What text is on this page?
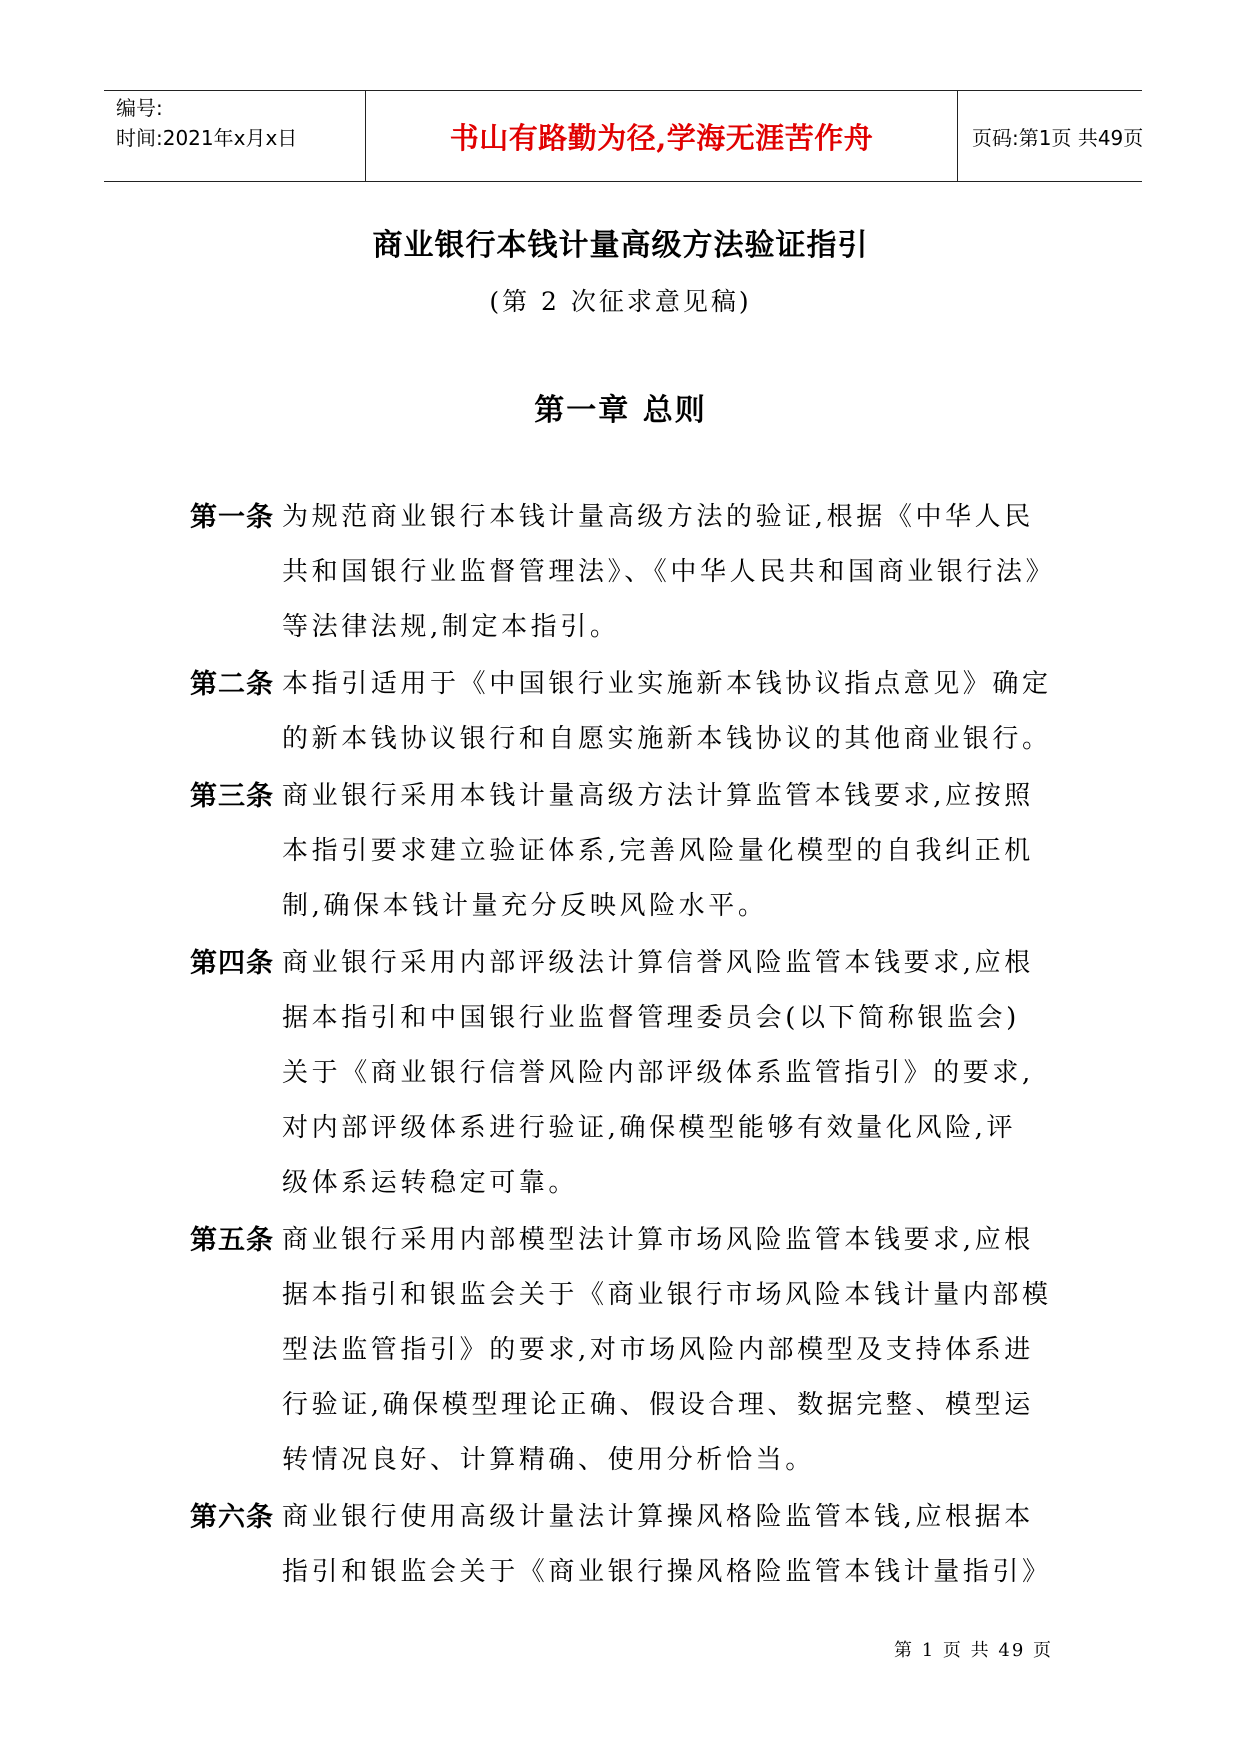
编号:
时间:2021年x月x日	书山有路勤为径,学海无涯苦作舟	页码:第1页 共49页
商业银行本钱计量高级方法验证指引
(第 2 次征求意见稿)
第一章 总则
第一条 为规范商业银行本钱计量高级方法的验证,根据《中华人民
共和国银行业监督管理法》、《中华人民共和国商业银行法》
等法律法规,制定本指引。
第二条 本指引适用于《中国银行业实施新本钱协议指点意见》确定
的新本钱协议银行和自愿实施新本钱协议的其他商业银行。
第三条 商业银行采用本钱计量高级方法计算监管本钱要求,应按照
本指引要求建立验证体系,完善风险量化模型的自我纠正机
制,确保本钱计量充分反映风险水平。
第四条 商业银行采用内部评级法计算信誉风险监管本钱要求,应根
据本指引和中国银行业监督管理委员会(以下简称银监会)
关于《商业银行信誉风险内部评级体系监管指引》的要求,
对内部评级体系进行验证,确保模型能够有效量化风险,评
级体系运转稳定可靠。
第五条 商业银行采用内部模型法计算市场风险监管本钱要求,应根
据本指引和银监会关于《商业银行市场风险本钱计量内部模
型法监管指引》的要求,对市场风险内部模型及支持体系进
行验证,确保模型理论正确、假设合理、数据完整、模型运
转情况良好、计算精确、使用分析恰当。
第六条 商业银行使用高级计量法计算操风格险监管本钱,应根据本
指引和银监会关于《商业银行操风格险监管本钱计量指引》
第 1 页 共 49 页
